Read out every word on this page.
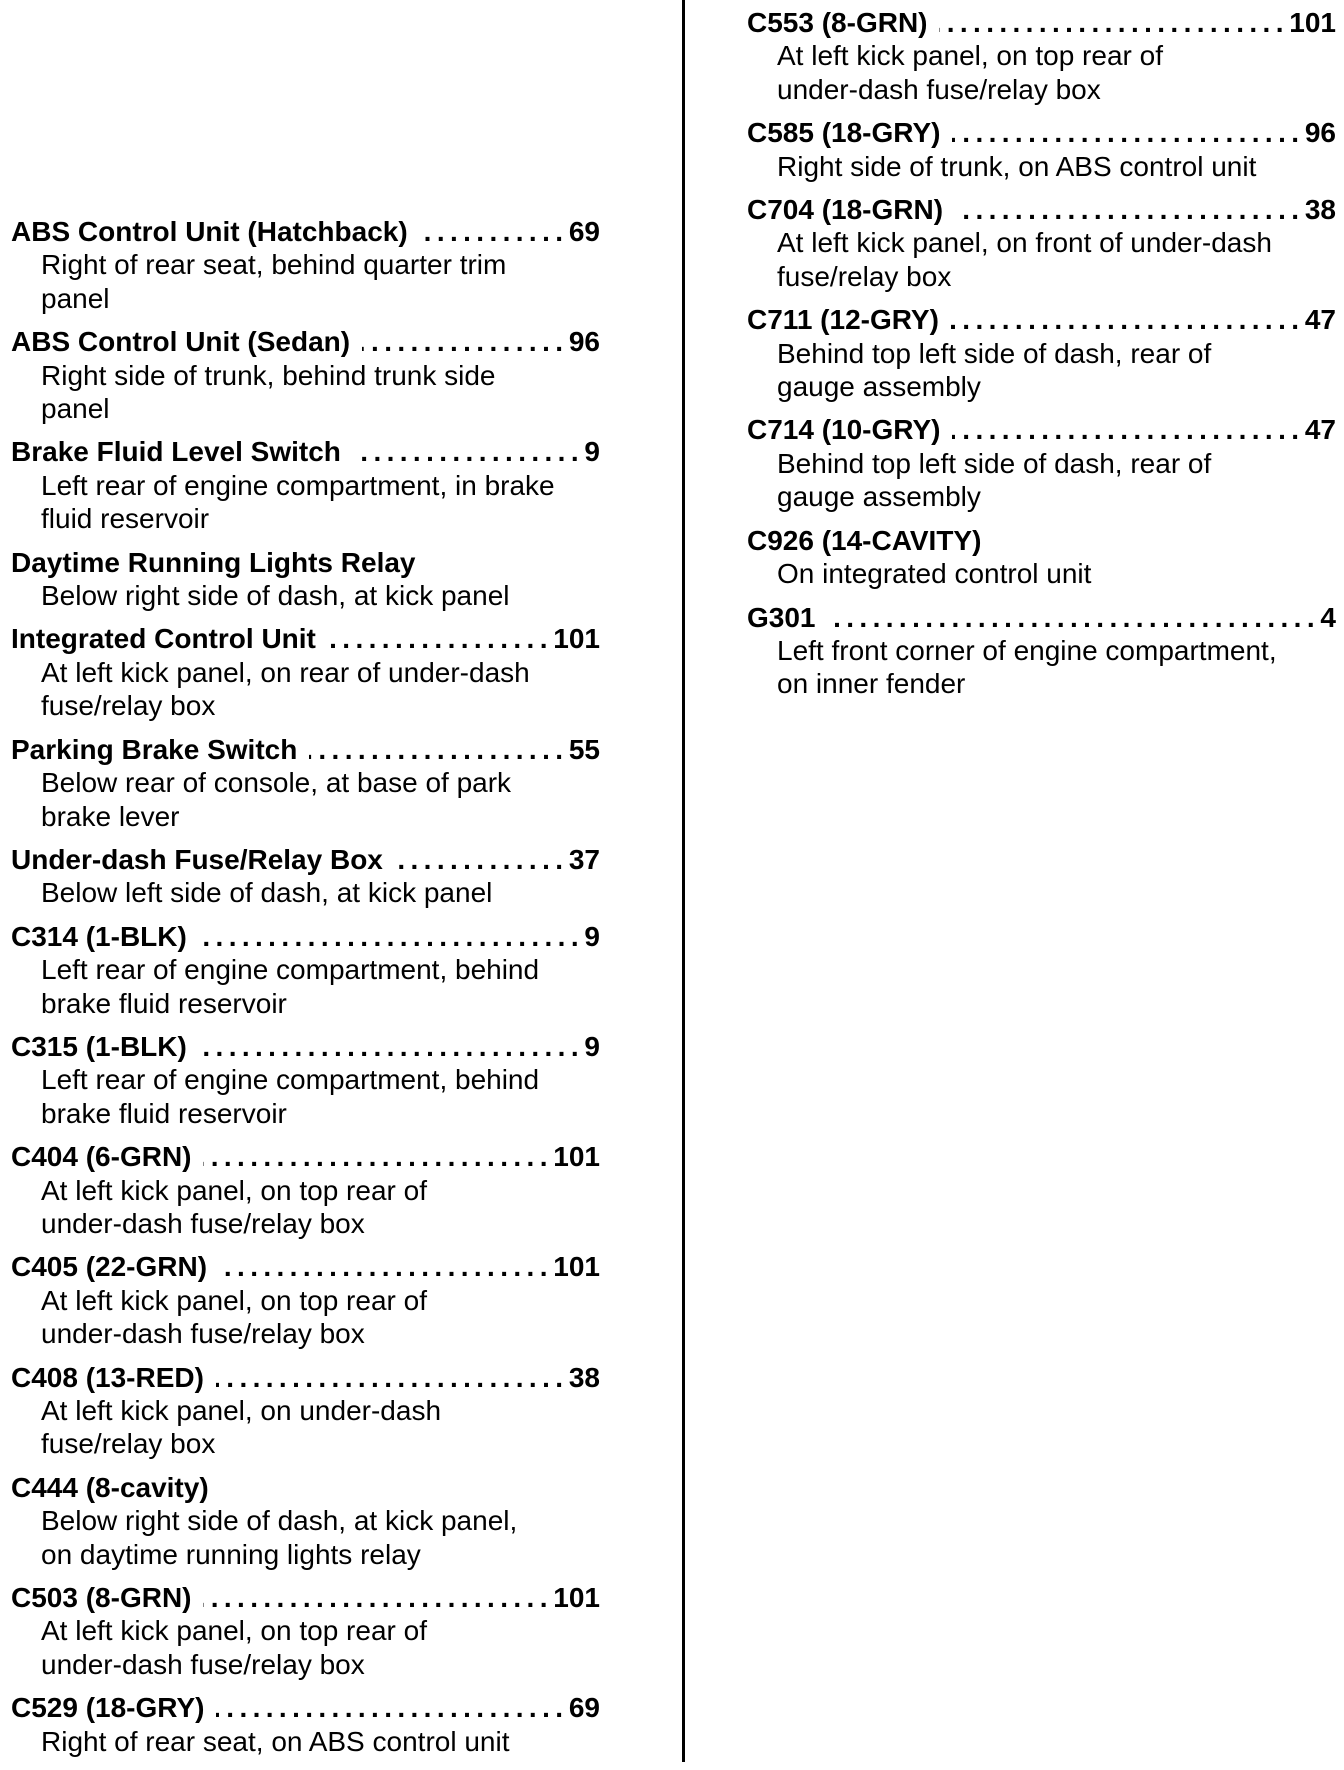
ABS Control Unit (Hatchback) . . .	69
Right of rear seat, behind quarter trim
panel
ABS Control Unit (Sedan) . . .	96
Right side of trunk, behind trunk side
panel
Brake Fluid Level Switch . . .	9
Left rear of engine compartment, in brake
fluid reservoir
Daytime Running Lights Relay
Below right side of dash, at kick panel
Integrated Control Unit . . .	101
At left kick panel, on rear of under-dash
fuse/relay box
Parking Brake Switch . . .	55
Below rear of console, at base of park
brake lever
Under-dash Fuse/Relay Box . . .	37
Below left side of dash, at kick panel
C314 (1-BLK) . . .	9
Left rear of engine compartment, behind
brake fluid reservoir
C315 (1-BLK) . . .	9
Left rear of engine compartment, behind
brake fluid reservoir
C404 (6-GRN) . . .	101
At left kick panel, on top rear of
under-dash fuse/relay box
C405 (22-GRN) . . .	101
At left kick panel, on top rear of
under-dash fuse/relay box
C408 (13-RED) . . .	38
At left kick panel, on under-dash
fuse/relay box
C444 (8-cavity)
Below right side of dash, at kick panel,
on daytime running lights relay
C503 (8-GRN) . . .	101
At left kick panel, on top rear of
under-dash fuse/relay box
C529 (18-GRY) . . .	69
Right of rear seat, on ABS control unit
C553 (8-GRN) . . .	101
At left kick panel, on top rear of
under-dash fuse/relay box
C585 (18-GRY) . . .	96
Right side of trunk, on ABS control unit
C704 (18-GRN) . . .	38
At left kick panel, on front of under-dash
fuse/relay box
C711 (12-GRY) . . .	47
Behind top left side of dash, rear of
gauge assembly
C714 (10-GRY) . . .	47
Behind top left side of dash, rear of
gauge assembly
C926 (14-CAVITY)
On integrated control unit
G301 . . .	4
Left front corner of engine compartment,
on inner fender
